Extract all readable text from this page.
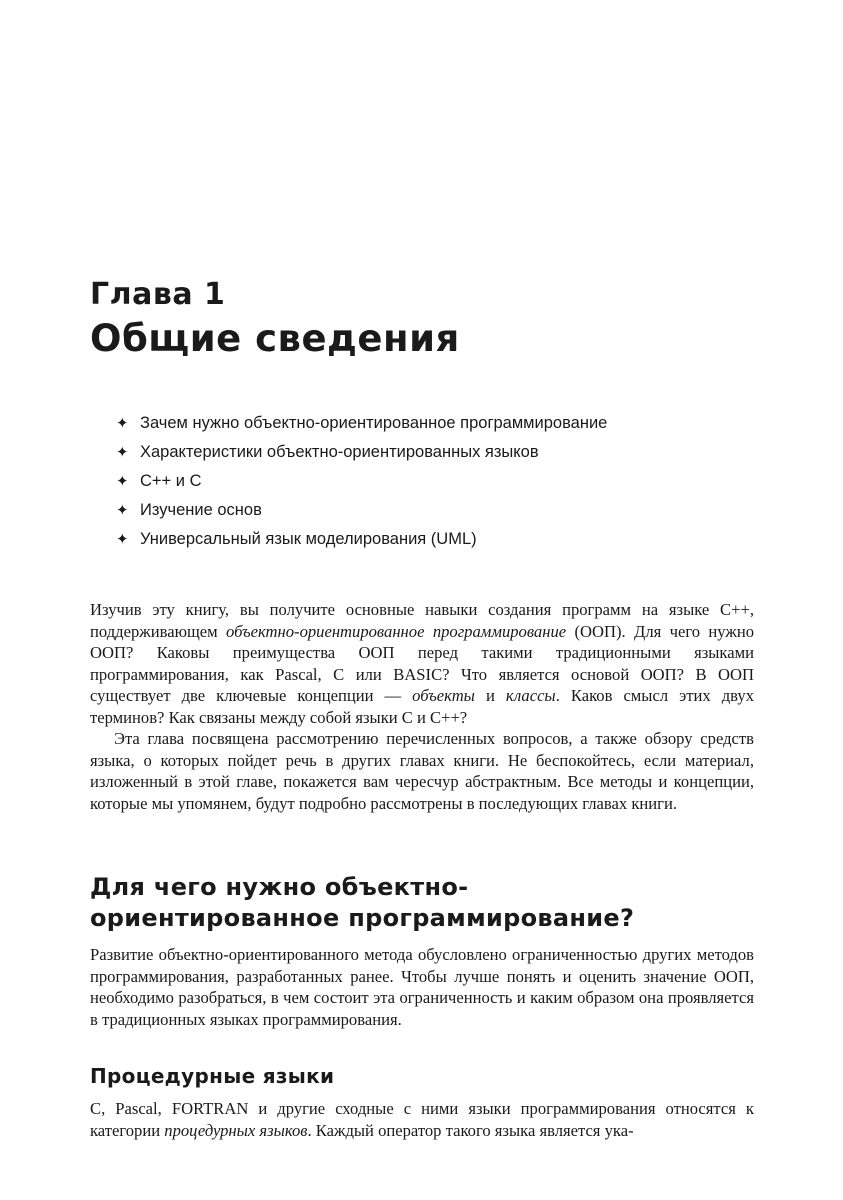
Глава 1
Общие сведения
✦ Зачем нужно объектно-ориентированное программирование
✦ Характеристики объектно-ориентированных языков
✦ С++ и С
✦ Изучение основ
✦ Универсальный язык моделирования (UML)

Изучив эту книгу, вы получите основные навыки создания программ на языке С++, поддерживающем объектно-ориентированное программирование (ООП). Для чего нужно ООП? Каковы преимущества ООП перед такими традиционными языками программирования, как Pascal, С или BASIC? Что является основой ООП? В ООП существует две ключевые концепции — объекты и классы. Каков смысл этих двух терминов? Как связаны между собой языки С и С++?

Эта глава посвящена рассмотрению перечисленных вопросов, а также обзору средств языка, о которых пойдет речь в других главах книги. Не беспокойтесь, если материал, изложенный в этой главе, покажется вам чересчур абстрактным. Все методы и концепции, которые мы упомянем, будут подробно рассмотрены в последующих главах книги.

Для чего нужно объектно-
ориентированное программирование?

Развитие объектно-ориентированного метода обусловлено ограниченностью других методов программирования, разработанных ранее. Чтобы лучше понять и оценить значение ООП, необходимо разобраться, в чем состоит эта ограниченность и каким образом она проявляется в традиционных языках программирования.

Процедурные языки

С, Pascal, FORTRAN и другие сходные с ними языки программирования относятся к категории процедурных языков. Каждый оператор такого языка является ука-
